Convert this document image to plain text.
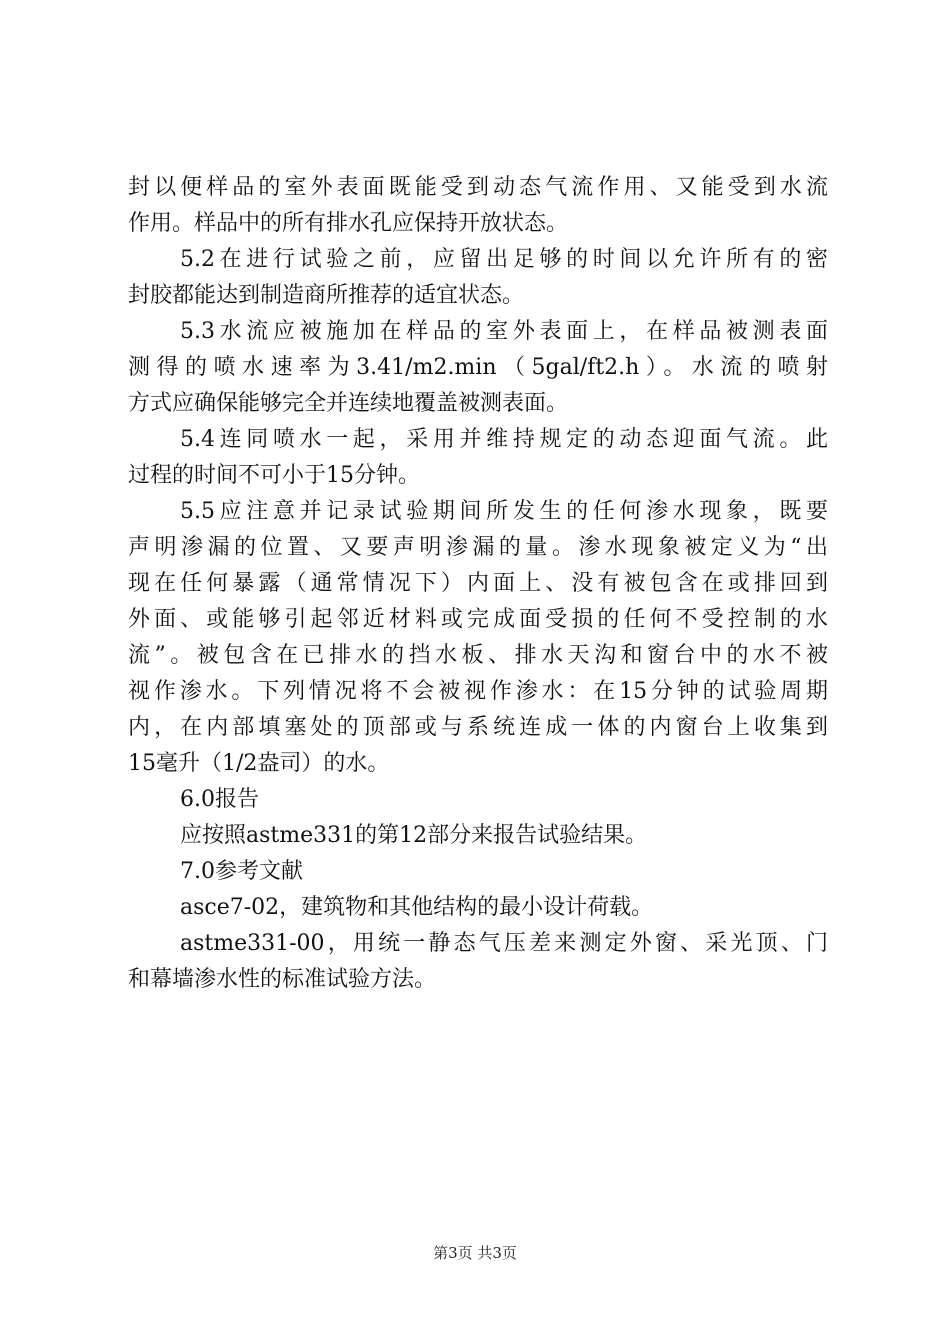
封以便样品的室外表面既能受到动态气流作用、又能受到水流
作用。样品中的所有排水孔应保持开放状态。
5.2在进行试验之前，应留出足够的时间以允许所有的密
封胶都能达到制造商所推荐的适宜状态。
5.3水流应被施加在样品的室外表面上，在样品被测表面
测得的喷水速率为3.41/m2.min（5gal/ft2.h）。水流的喷射
方式应确保能够完全并连续地覆盖被测表面。
5.4连同喷水一起，采用并维持规定的动态迎面气流。此
过程的时间不可小于15分钟。
5.5应注意并记录试验期间所发生的任何渗水现象，既要
声明渗漏的位置、又要声明渗漏的量。渗水现象被定义为“出
现在任何暴露（通常情况下）内面上、没有被包含在或排回到
外面、或能够引起邻近材料或完成面受损的任何不受控制的水
流”。被包含在已排水的挡水板、排水天沟和窗台中的水不被
视作渗水。下列情况将不会被视作渗水：在15分钟的试验周期
内，在内部填塞处的顶部或与系统连成一体的内窗台上收集到
15毫升（1/2盎司）的水。
6.0报告
应按照astme331的第12部分来报告试验结果。
7.0参考文献
asce7-02，建筑物和其他结构的最小设计荷载。
astme331-00，用统一静态气压差来测定外窗、采光顶、门
和幕墙渗水性的标准试验方法。
第3页 共3页
